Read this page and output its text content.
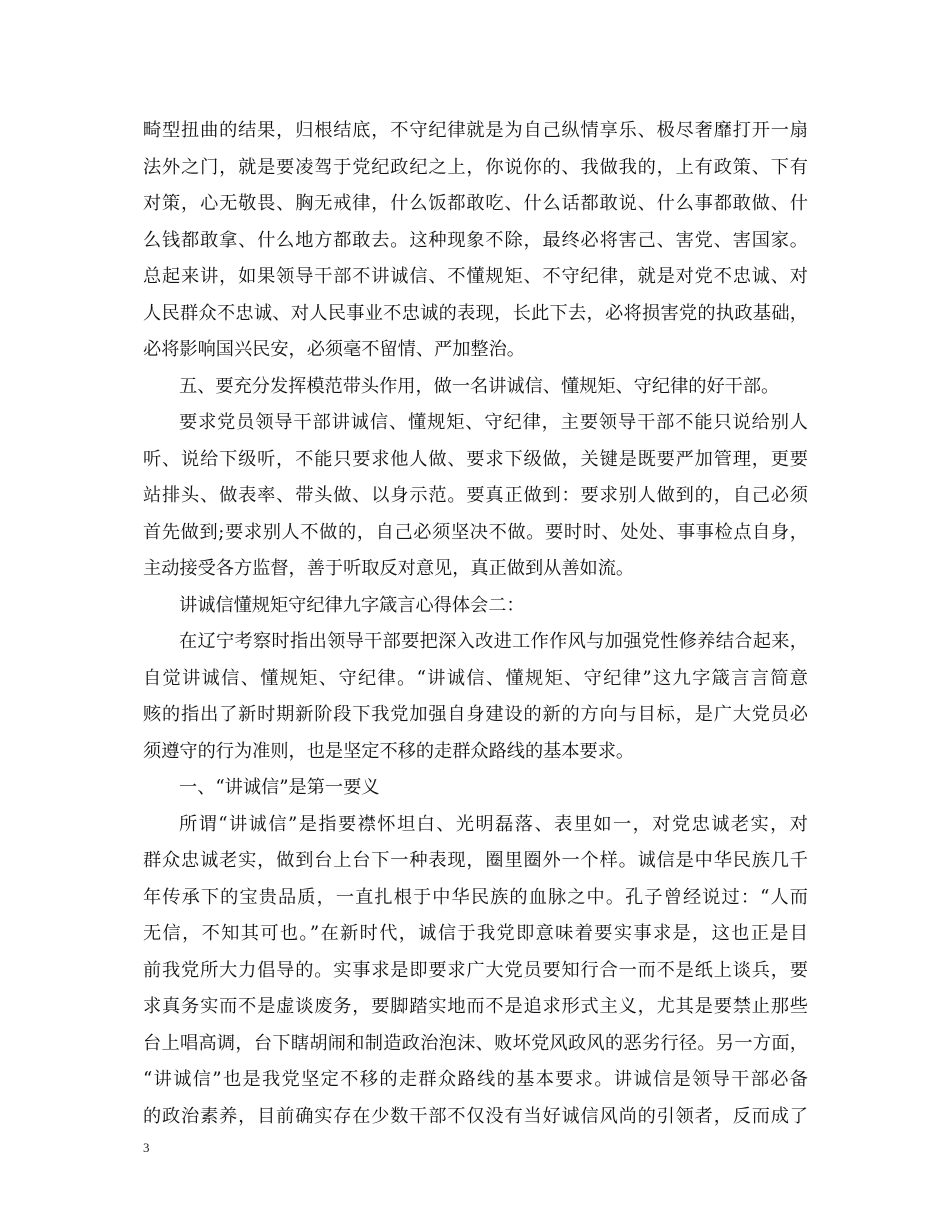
畸型扭曲的结果，归根结底，不守纪律就是为自己纵情享乐、极尽奢靡打开一扇
法外之门，就是要凌驾于党纪政纪之上，你说你的、我做我的，上有政策、下有
对策，心无敬畏、胸无戒律，什么饭都敢吃、什么话都敢说、什么事都敢做、什
么钱都敢拿、什么地方都敢去。这种现象不除，最终必将害己、害党、害国家。
总起来讲，如果领导干部不讲诚信、不懂规矩、不守纪律，就是对党不忠诚、对
人民群众不忠诚、对人民事业不忠诚的表现，长此下去，必将损害党的执政基础，
必将影响国兴民安，必须毫不留情、严加整治。
五、要充分发挥模范带头作用，做一名讲诚信、懂规矩、守纪律的好干部。
要求党员领导干部讲诚信、懂规矩、守纪律，主要领导干部不能只说给别人
听、说给下级听，不能只要求他人做、要求下级做，关键是既要严加管理，更要
站排头、做表率、带头做、以身示范。要真正做到：要求别人做到的，自己必须
首先做到;要求别人不做的，自己必须坚决不做。要时时、处处、事事检点自身，
主动接受各方监督，善于听取反对意见，真正做到从善如流。
讲诚信懂规矩守纪律九字箴言心得体会二：
在辽宁考察时指出领导干部要把深入改进工作作风与加强党性修养结合起来，
自觉讲诚信、懂规矩、守纪律。“讲诚信、懂规矩、守纪律”这九字箴言言简意
赅的指出了新时期新阶段下我党加强自身建设的新的方向与目标，是广大党员必
须遵守的行为准则，也是坚定不移的走群众路线的基本要求。
一、“讲诚信”是第一要义
所谓“讲诚信”是指要襟怀坦白、光明磊落、表里如一，对党忠诚老实，对
群众忠诚老实，做到台上台下一种表现，圈里圈外一个样。诚信是中华民族几千
年传承下的宝贵品质，一直扎根于中华民族的血脉之中。孔子曾经说过：“人而
无信，不知其可也。”在新时代，诚信于我党即意味着要实事求是，这也正是目
前我党所大力倡导的。实事求是即要求广大党员要知行合一而不是纸上谈兵，要
求真务实而不是虚谈废务，要脚踏实地而不是追求形式主义，尤其是要禁止那些
台上唱高调，台下瞎胡闹和制造政治泡沫、败坏党风政风的恶劣行径。另一方面，
“讲诚信”也是我党坚定不移的走群众路线的基本要求。讲诚信是领导干部必备
的政治素养，目前确实存在少数干部不仅没有当好诚信风尚的引领者，反而成了
3
